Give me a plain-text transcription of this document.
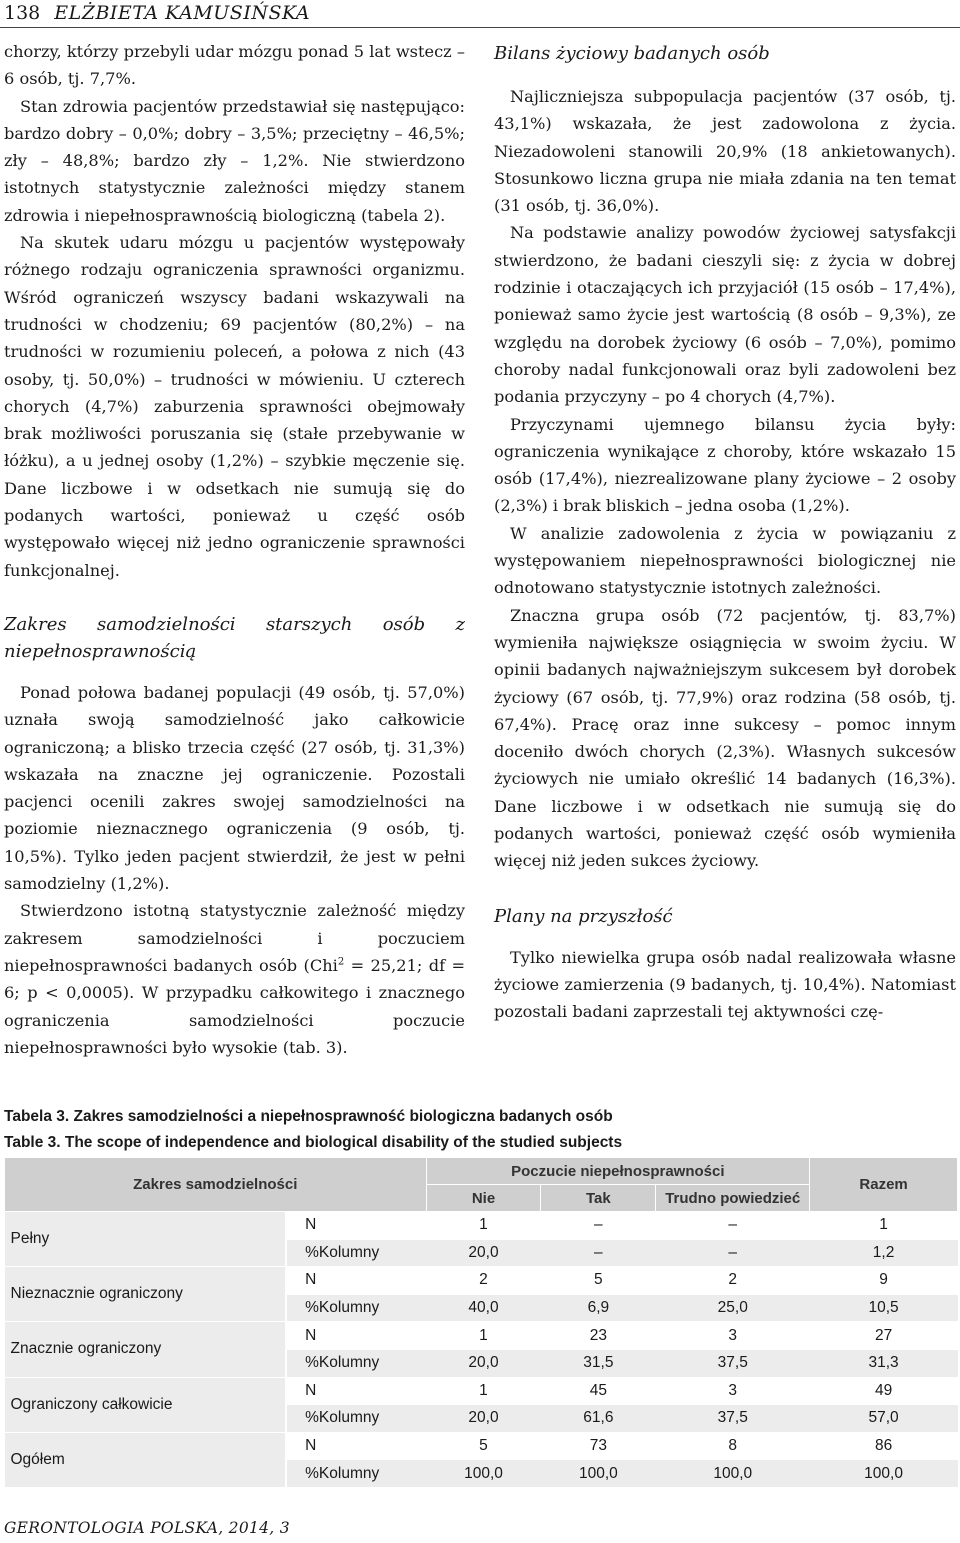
138 ELŻBIETA KAMUSIŃSKA

chorzy, którzy przebyli udar mózgu ponad 5 lat wstecz – 6 osób, tj. 7,7%.

Stan zdrowia pacjentów przedstawiał się następująco: bardzo dobry – 0,0%; dobry – 3,5%; przeciętny – 46,5%; zły – 48,8%; bardzo zły – 1,2%. Nie stwierdzono istotnych statystycznie zależności między stanem zdrowia i niepełnosprawnością biologiczną (tabela 2).

Na skutek udaru mózgu u pacjentów występowały różnego rodzaju ograniczenia sprawności organizmu. Wśród ograniczeń wszyscy badani wskazywali na trudności w chodzeniu; 69 pacjentów (80,2%) – na trudności w rozumieniu poleceń, a połowa z nich (43 osoby, tj. 50,0%) – trudności w mówieniu. U czterech chorych (4,7%) zaburzenia sprawności obejmowały brak możliwości poruszania się (stałe przebywanie w łóżku), a u jednej osoby (1,2%) – szybkie męczenie się. Dane liczbowe i w odsetkach nie sumują się do podanych wartości, ponieważ u część osób występowało więcej niż jedno ograniczenie sprawności funkcjonalnej.

Zakres samodzielności starszych osób z niepełnosprawnością

Ponad połowa badanej populacji (49 osób, tj. 57,0%) uznała swoją samodzielność jako całkowicie ograniczoną; a blisko trzecia część (27 osób, tj. 31,3%) wskazała na znaczne jej ograniczenie. Pozostali pacjenci ocenili zakres swojej samodzielności na poziomie nieznacznego ograniczenia (9 osób, tj. 10,5%). Tylko jeden pacjent stwierdził, że jest w pełni samodzielny (1,2%).

Stwierdzono istotną statystycznie zależność między zakresem samodzielności i poczuciem niepełnosprawności badanych osób (Chi$^2$ = 25,21; df = 6; p < 0,0005). W przypadku całkowitego i znacznego ograniczenia samodzielności poczucie niepełnosprawności było wysokie (tab. 3).

Bilans życiowy badanych osób

Najliczniejsza subpopulacja pacjentów (37 osób, tj. 43,1%) wskazała, że jest zadowolona z życia. Niezadowoleni stanowili 20,9% (18 ankietowanych). Stosunkowo liczna grupa nie miała zdania na ten temat (31 osób, tj. 36,0%).

Na podstawie analizy powodów życiowej satysfakcji stwierdzono, że badani cieszyli się: z życia w dobrej rodzinie i otaczających ich przyjaciół (15 osób – 17,4%), ponieważ samo życie jest wartością (8 osób – 9,3%), ze względu na dorobek życiowy (6 osób – 7,0%), pomimo choroby nadal funkcjonowali oraz byli zadowoleni bez podania przyczyny – po 4 chorych (4,7%).

Przyczynami ujemnego bilansu życia były: ograniczenia wynikające z choroby, które wskazało 15 osób (17,4%), niezrealizowane plany życiowe – 2 osoby (2,3%) i brak bliskich – jedna osoba (1,2%).

W analizie zadowolenia z życia w powiązaniu z występowaniem niepełnosprawności biologicznej nie odnotowano statystycznie istotnych zależności.

Znaczna grupa osób (72 pacjentów, tj. 83,7%) wymieniła największe osiągnięcia w swoim życiu. W opinii badanych najważniejszym sukcesem był dorobek życiowy (67 osób, tj. 77,9%) oraz rodzina (58 osób, tj. 67,4%). Pracę oraz inne sukcesy – pomoc innym doceniło dwóch chorych (2,3%). Własnych sukcesów życiowych nie umiało określić 14 badanych (16,3%). Dane liczbowe i w odsetkach nie sumują się do podanych wartości, ponieważ część osób wymieniła więcej niż jeden sukces życiowy.

Plany na przyszłość

Tylko niewielka grupa osób nadal realizowała własne życiowe zamierzenia (9 badanych, tj. 10,4%). Natomiast pozostali badani zaprzestali tej aktywności czę-

Tabela 3. Zakres samodzielności a niepełnosprawność biologiczna badanych osób
Table 3. The scope of independence and biological disability of the studied subjects
Zakres samodzielności		Poczucie niepełnosprawności			Razem
		Nie	Tak	Trudno powiedzieć	
Pełny	N	1	–	–	1
	%Kolumny	20,0	–	–	1,2
Nieznacznie ograniczony	N	2	5	2	9
	%Kolumny	40,0	6,9	25,0	10,5
Znacznie ograniczony	N	1	23	3	27
	%Kolumny	20,0	31,5	37,5	31,3
Ograniczony całkowicie	N	1	45	3	49
	%Kolumny	20,0	61,6	37,5	57,0
Ogółem	N	5	73	8	86
	%Kolumny	100,0	100,0	100,0	100,0
GERONTOLOGIA POLSKA, 2014, 3
